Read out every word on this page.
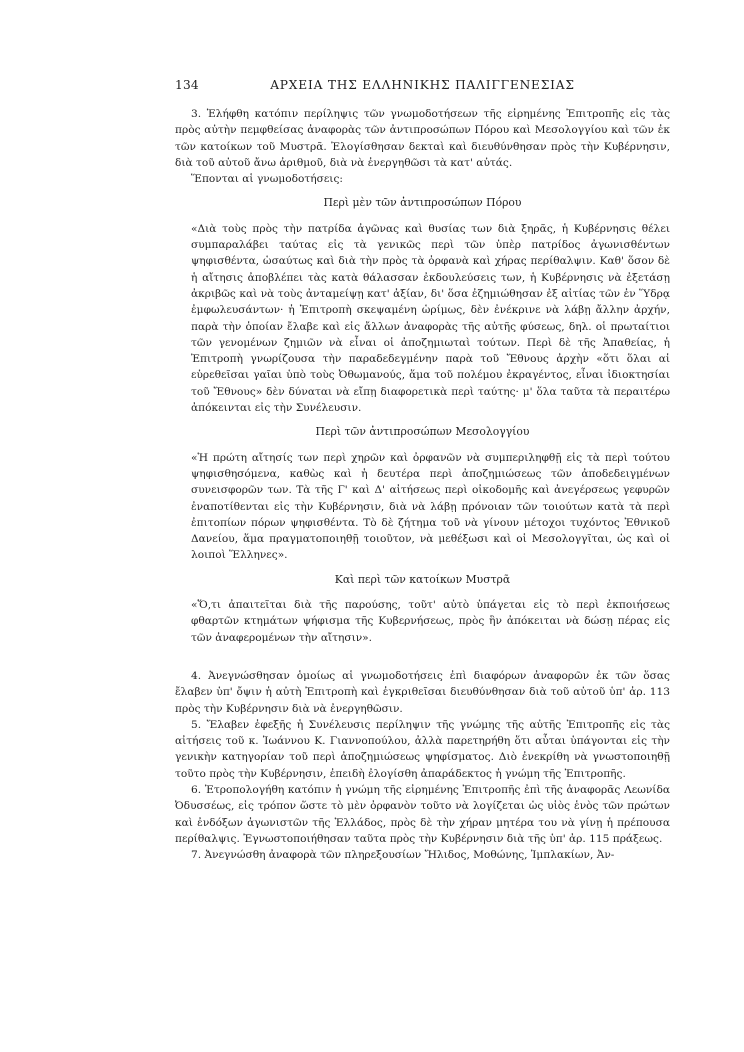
134	ΑΡΧΕΙΑ ΤΗΣ ΕΛΛΗΝΙΚΗΣ ΠΑΛΙΓΓΕΝΕΣΙΑΣ

3. Ἐλήφθη κατόπιν περίληψις τῶν γνωμοδοτήσεων τῆς εἰρημένης Ἐπιτροπῆς εἰς τὰς πρὸς αὐτὴν πεμφθείσας ἀναφορὰς τῶν ἀντιπροσώπων Πόρου καὶ Μεσολογγίου καὶ τῶν ἐκ τῶν κατοίκων τοῦ Μυστρᾶ. Ἐλογίσθησαν δεκταὶ καὶ διευθύνθησαν πρὸς τὴν Κυβέρνησιν, διὰ τοῦ αὐτοῦ ἄνω ἀριθμοῦ, διὰ νὰ ἐνεργηθῶσι τὰ κατ' αὐτάς.

Ἕπονται αἱ γνωμοδοτήσεις:

Περὶ μὲν τῶν ἀντιπροσώπων Πόρου

«Διὰ τοὺς πρὸς τὴν πατρίδα ἀγῶνας καὶ θυσίας των διὰ ξηρᾶς, ἡ Κυβέρνησις θέλει συμπαραλάβει ταύτας εἰς τὰ γενικῶς περὶ τῶν ὑπὲρ πατρίδος ἀγωνισθέντων ψηφισθέντα, ὡσαύτως καὶ διὰ τὴν πρὸς τὰ ὀρφανὰ καὶ χήρας περίθαλψιν. Καθ' ὅσον δὲ ἡ αἴτησις ἀποβλέπει τὰς κατὰ θάλασσαν ἐκδουλεύσεις των, ἡ Κυβέρνησις νὰ ἐξετάσῃ ἀκριβῶς καὶ νὰ τοὺς ἀνταμείψῃ κατ' ἀξίαν, δι' ὅσα ἐζημιώθησαν ἐξ αἰτίας τῶν ἐν Ὕδρᾳ ἐμφωλευσάντων· ἡ Ἐπιτροπὴ σκεψαμένη ὡρίμως, δὲν ἐνέκρινε νὰ λάβῃ ἄλλην ἀρχήν, παρὰ τὴν ὁποίαν ἔλαβε καὶ εἰς ἄλλων ἀναφορὰς τῆς αὐτῆς φύσεως, δηλ. οἱ πρωταίτιοι τῶν γενομένων ζημιῶν νὰ εἶναι οἱ ἀποζημιωταὶ τούτων. Περὶ δὲ τῆς Ἀπαθείας, ἡ Ἐπιτροπὴ γνωρίζουσα τὴν παραδεδεγμένην παρὰ τοῦ Ἔθνους ἀρχὴν «ὅτι ὅλαι αἱ εὑρεθεῖσαι γαῖαι ὑπὸ τοὺς Ὀθωμανούς, ἅμα τοῦ πολέμου ἐκραγέντος, εἶναι ἰδιοκτησίαι τοῦ Ἔθνους» δὲν δύναται νὰ εἴπῃ διαφορετικὰ περὶ ταύτης· μ' ὅλα ταῦτα τὰ περαιτέρω ἀπόκεινται εἰς τὴν Συνέλευσιν.

Περὶ τῶν ἀντιπροσώπων Μεσολογγίου

«Ἡ πρώτη αἴτησίς των περὶ χηρῶν καὶ ὀρφανῶν νὰ συμπεριληφθῇ εἰς τὰ περὶ τούτου ψηφισθησόμενα, καθὼς καὶ ἡ δευτέρα περὶ ἀποζημιώσεως τῶν ἀποδεδειγμένων συνεισφορῶν των. Τὰ τῆς Γ' καὶ Δ' αἰτήσεως περὶ οἰκοδομῆς καὶ ἀνεγέρσεως γεφυρῶν ἐναποτίθενται εἰς τὴν Κυβέρνησιν, διὰ νὰ λάβῃ πρόνοιαν τῶν τοιούτων κατὰ τὰ περὶ ἐπιτοπίων πόρων ψηφισθέντα. Τὸ δὲ ζήτημα τοῦ νὰ γίνουν μέτοχοι τυχόντος Ἐθνικοῦ Δανείου, ἅμα πραγματοποιηθῇ τοιοῦτον, νὰ μεθέξωσι καὶ οἱ Μεσολογγῖται, ὡς καὶ οἱ λοιποὶ Ἕλληνες».

Καὶ περὶ τῶν κατοίκων Μυστρᾶ

«Ὅ,τι ἀπαιτεῖται διὰ τῆς παρούσης, τοῦτ' αὐτὸ ὑπάγεται εἰς τὸ περὶ ἐκποιήσεως φθαρτῶν κτημάτων ψήφισμα τῆς Κυβερνήσεως, πρὸς ἣν ἀπόκειται νὰ δώσῃ πέρας εἰς τῶν ἀναφερομένων τὴν αἴτησιν».

4. Ἀνεγνώσθησαν ὁμοίως αἱ γνωμοδοτήσεις ἐπὶ διαφόρων ἀναφορῶν ἐκ τῶν ὅσας ἔλαβεν ὑπ' ὄψιν ἡ αὐτὴ Ἐπιτροπὴ καὶ ἐγκριθεῖσαι διευθύνθησαν διὰ τοῦ αὐτοῦ ὑπ' ἀρ. 113 πρὸς τὴν Κυβέρνησιν διὰ νὰ ἐνεργηθῶσιν.

5. Ἔλαβεν ἐφεξῆς ἡ Συνέλευσις περίληψιν τῆς γνώμης τῆς αὐτῆς Ἐπιτροπῆς εἰς τὰς αἰτήσεις τοῦ κ. Ἰωάννου Κ. Γιαννοπούλου, ἀλλὰ παρετηρήθη ὅτι αὗται ὑπάγονται εἰς τὴν γενικὴν κατηγορίαν τοῦ περὶ ἀποζημιώσεως ψηφίσματος. Διὸ ἐνεκρίθη νὰ γνωστοποιηθῇ τοῦτο πρὸς τὴν Κυβέρνησιν, ἐπειδὴ ἐλογίσθη ἀπαράδεκτος ἡ γνώμη τῆς Ἐπιτροπῆς.

6. Ἐτροπολογήθη κατόπιν ἡ γνώμη τῆς εἰρημένης Ἐπιτροπῆς ἐπὶ τῆς ἀναφορᾶς Λεωνίδα Ὀδυσσέως, εἰς τρόπον ὥστε τὸ μὲν ὀρφανὸν τοῦτο νὰ λογίζεται ὡς υἱὸς ἑνὸς τῶν πρώτων καὶ ἐνδόξων ἀγωνιστῶν τῆς Ἑλλάδος, πρὸς δὲ τὴν χήραν μητέρα του νὰ γίνῃ ἡ πρέπουσα περίθαλψις. Ἐγνωστοποιήθησαν ταῦτα πρὸς τὴν Κυβέρνησιν διὰ τῆς ὑπ' ἀρ. 115 πράξεως.

7. Ἀνεγνώσθη ἀναφορὰ τῶν πληρεξουσίων Ἤλιδος, Μοθώνης, Ἰμπλακίων, Ἀν-
